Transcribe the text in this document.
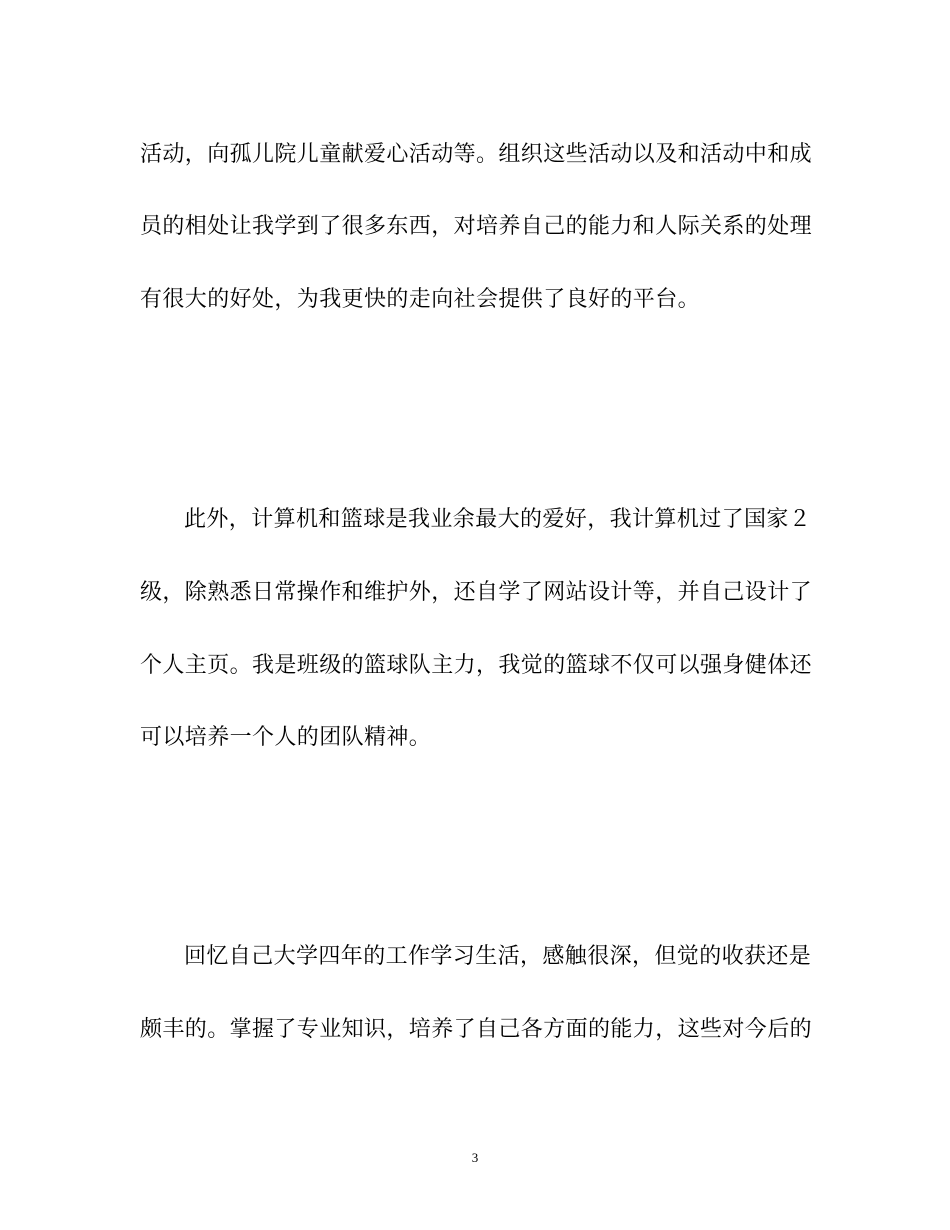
活动，向孤儿院儿童献爱心活动等。组织这些活动以及和活动中和成
员的相处让我学到了很多东西，对培养自己的能力和人际关系的处理
有很大的好处，为我更快的走向社会提供了良好的平台。
此外，计算机和篮球是我业余最大的爱好，我计算机过了国家２
级，除熟悉日常操作和维护外，还自学了网站设计等，并自己设计了
个人主页。我是班级的篮球队主力，我觉的篮球不仅可以强身健体还
可以培养一个人的团队精神。
回忆自己大学四年的工作学习生活，感触很深，但觉的收获还是
颇丰的。掌握了专业知识，培养了自己各方面的能力，这些对今后的
3
